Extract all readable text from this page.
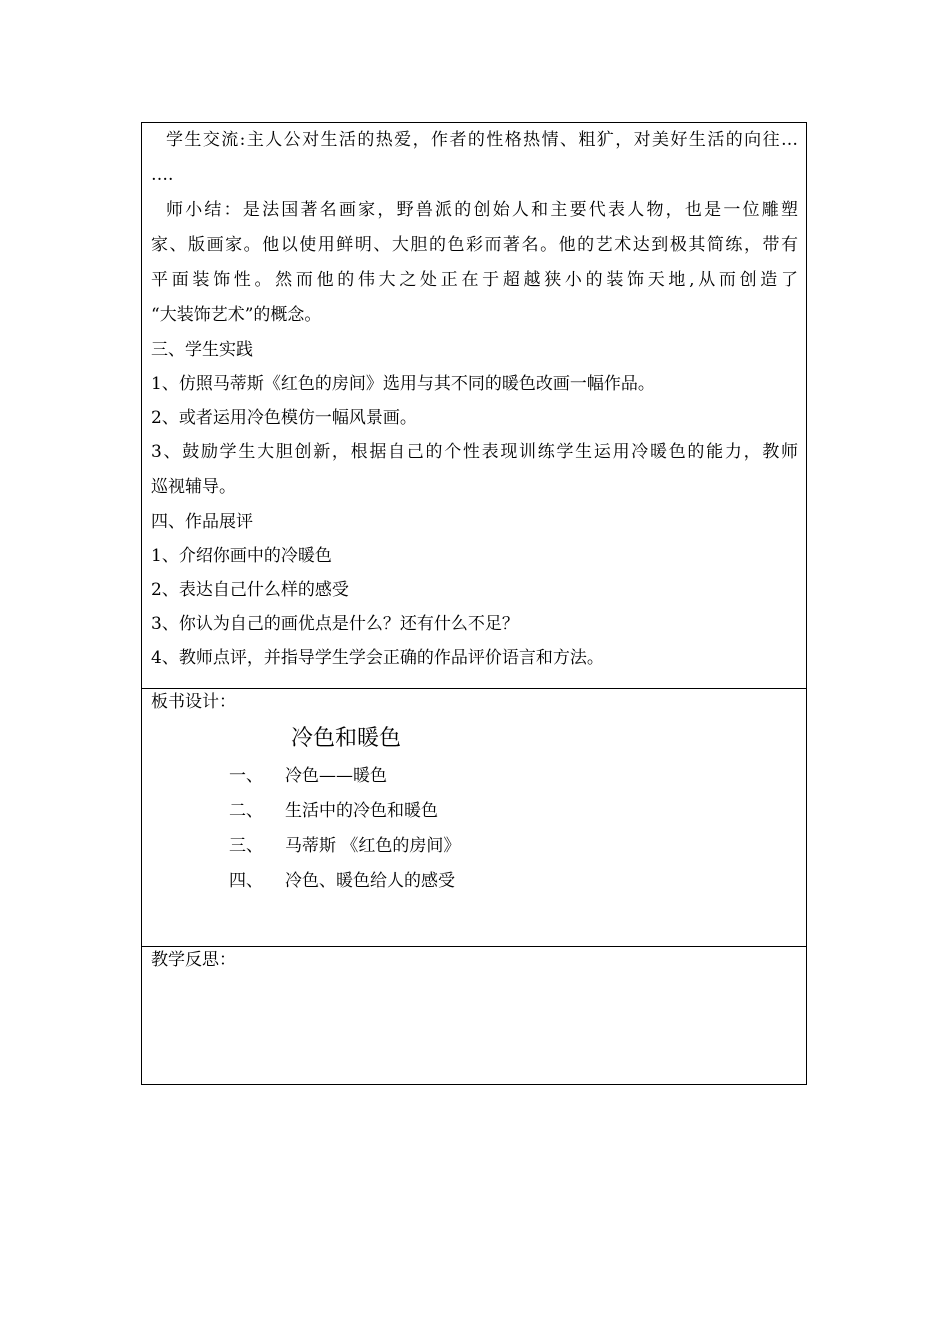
学生交流:主人公对生活的热爱，作者的性格热情、粗犷，对美好生活的向往…
….
师小结：是法国著名画家，野兽派的创始人和主要代表人物，也是一位雕塑
家、版画家。他以使用鲜明、大胆的色彩而著名。他的艺术达到极其简练，带有
平面装饰性。然而他的伟大之处正在于超越狭小的装饰天地,从而创造了
“大装饰艺术”的概念。
三、学生实践
1、仿照马蒂斯《红色的房间》选用与其不同的暖色改画一幅作品。
2、或者运用冷色模仿一幅风景画。
3、鼓励学生大胆创新，根据自己的个性表现训练学生运用冷暖色的能力，教师
巡视辅导。
四、作品展评
1、介绍你画中的冷暖色
2、表达自己什么样的感受
3、你认为自己的画优点是什么？还有什么不足？
4、教师点评，并指导学生学会正确的作品评价语言和方法。

板书设计：
冷色和暖色
一、	冷色——暖色
二、	生活中的冷色和暖色
三、	马蒂斯 《红色的房间》
四、	冷色、暖色给人的感受

教学反思：
